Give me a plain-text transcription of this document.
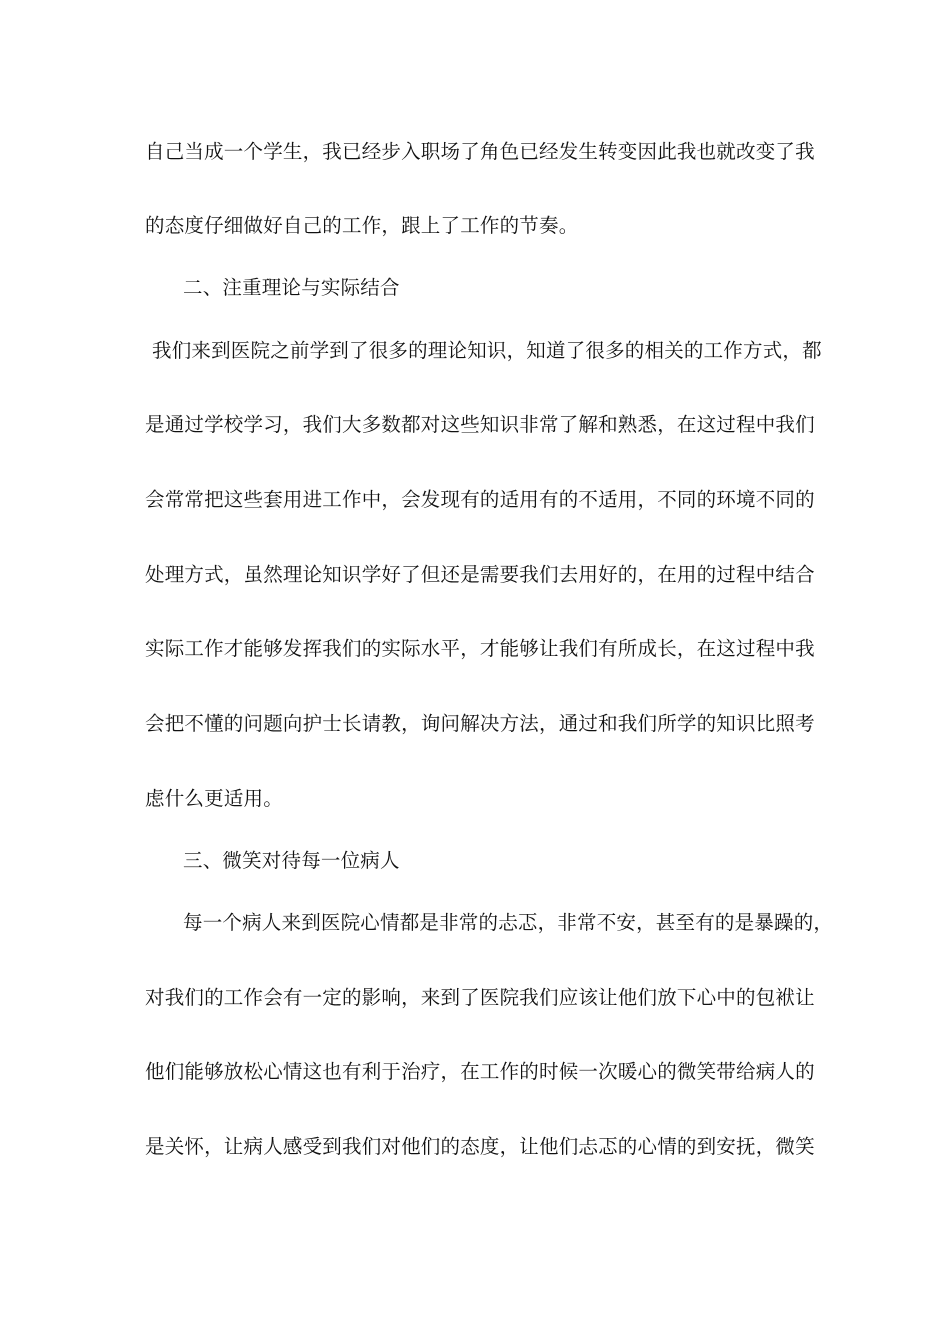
自己当成一个学生，我已经步入职场了角色已经发生转变因此我也就改变了我
的态度仔细做好自己的工作，跟上了工作的节奏。
二、注重理论与实际结合
我们来到医院之前学到了很多的理论知识，知道了很多的相关的工作方式，都
是通过学校学习，我们大多数都对这些知识非常了解和熟悉，在这过程中我们
会常常把这些套用进工作中，会发现有的适用有的不适用，不同的环境不同的
处理方式，虽然理论知识学好了但还是需要我们去用好的，在用的过程中结合
实际工作才能够发挥我们的实际水平，才能够让我们有所成长，在这过程中我
会把不懂的问题向护士长请教，询问解决方法，通过和我们所学的知识比照考
虑什么更适用。
三、微笑对待每一位病人
每一个病人来到医院心情都是非常的忐忑，非常不安，甚至有的是暴躁的，
对我们的工作会有一定的影响，来到了医院我们应该让他们放下心中的包袱让
他们能够放松心情这也有利于治疗，在工作的时候一次暖心的微笑带给病人的
是关怀，让病人感受到我们对他们的态度，让他们忐忑的心情的到安抚，微笑
